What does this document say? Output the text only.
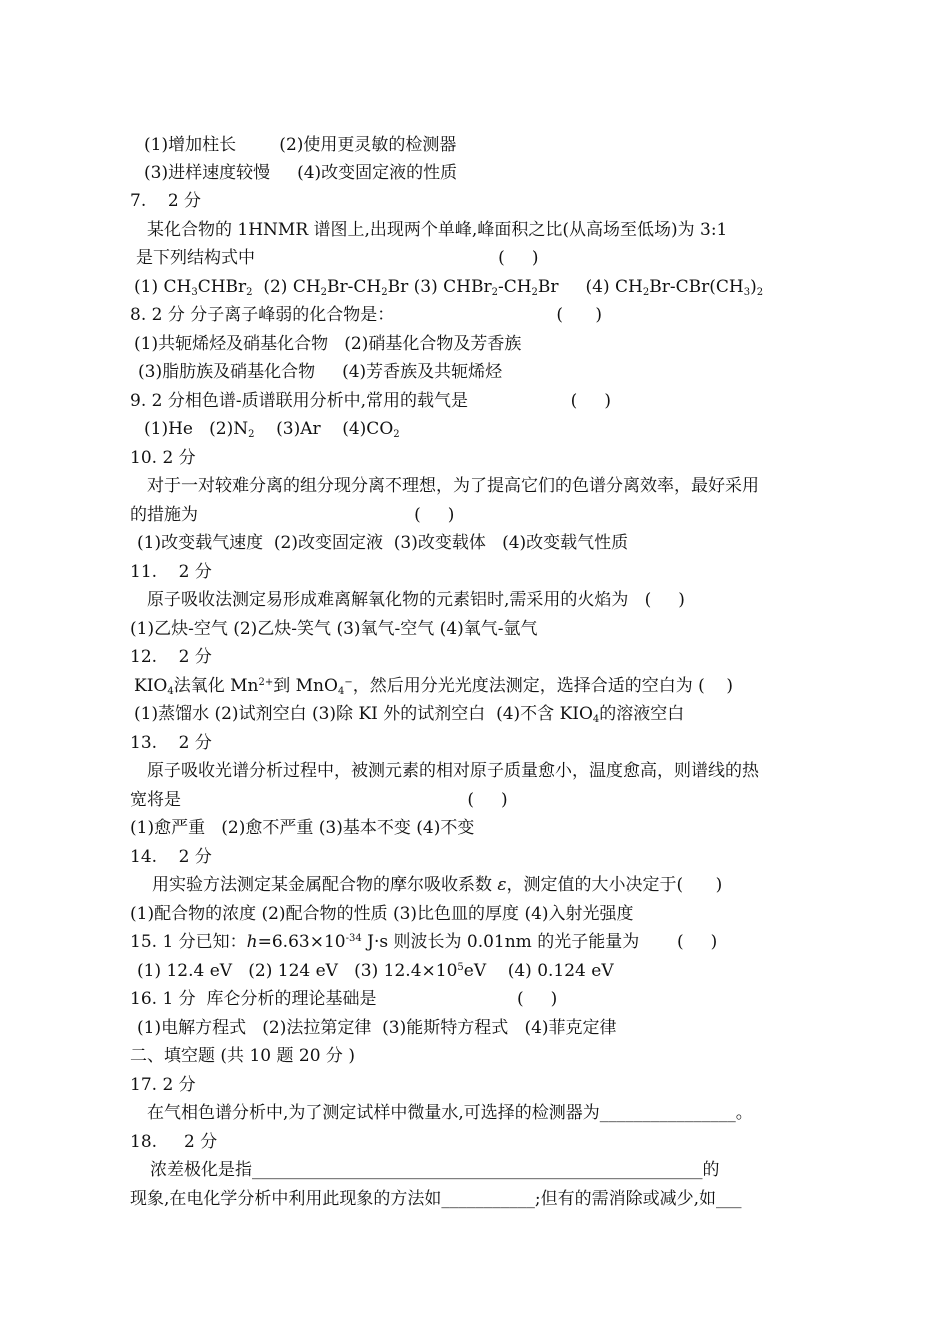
(1)增加柱长        (2)使用更灵敏的检测器
(3)进样速度较慢     (4)改变固定液的性质
7.    2 分
某化合物的 1HNMR 谱图上,出现两个单峰,峰面积之比(从高场至低场)为 3:1
是下列结构式中                                             (     )
(1) $CH_3CHBr_2$  (2) $CH_2Br-CH_2Br$ (3) $CHBr_2-CH_2Br$     (4) $CH_2Br-CBr(CH_3)_2$
8. 2 分 分子离子峰弱的化合物是：                              (      )
(1)共轭烯烃及硝基化合物   (2)硝基化合物及芳香族
(3)脂肪族及硝基化合物     (4)芳香族及共轭烯烃
9. 2 分相色谱-质谱联用分析中,常用的载气是                   (     )
(1)He   $(2)N_2$    (3)Ar    $(4)CO_2$
10. 2 分
对于一对较难分离的组分现分离不理想，为了提高它们的色谱分离效率，最好采用
的措施为                                        (     )
(1)改变载气速度  (2)改变固定液  (3)改变载体   (4)改变载气性质
11.    2 分
原子吸收法测定易形成难离解氧化物的元素铝时,需采用的火焰为   (     )
(1)乙炔-空气 (2)乙炔-笑气 (3)氧气-空气 (4)氧气-氩气
12.    2 分
$KIO_4$法氧化 $Mn^{2+}$到 MnO$_4$−，然后用分光光度法测定，选择合适的空白为 (    )
(1)蒸馏水 (2)试剂空白 (3)除 KI 外的试剂空白  (4)不含 $KIO_4$的溶液空白
13.    2 分
原子吸收光谱分析过程中，被测元素的相对原子质量愈小，温度愈高，则谱线的热
宽将是                                                     (     )
(1)愈严重   (2)愈不严重 (3)基本不变 (4)不变
14.    2 分
用实验方法测定某金属配合物的摩尔吸收系数 ε，测定值的大小决定于(      )
(1)配合物的浓度 (2)配合物的性质 (3)比色皿的厚度 (4)入射光强度
15. 1 分已知：$h=6.63\times 10^{-34}$ J·s 则波长为 0.01nm 的光子能量为       (     )
(1) 12.4 eV   (2) 124 eV   (3) $12.4\times 10^5eV$    (4) 0.124 eV
16. 1 分  库仑分析的理论基础是                          (     )
(1)电解方程式   (2)法拉第定律  (3)能斯特方程式   (4)菲克定律
二、填空题 (共 10 题 20 分 )
17. 2 分
在气相色谱分析中,为了测定试样中微量水,可选择的检测器为________________。
18.     2 分
浓差极化是指_____________________________________________________的
现象,在电化学分析中利用此现象的方法如___________;但有的需消除或减少,如___
